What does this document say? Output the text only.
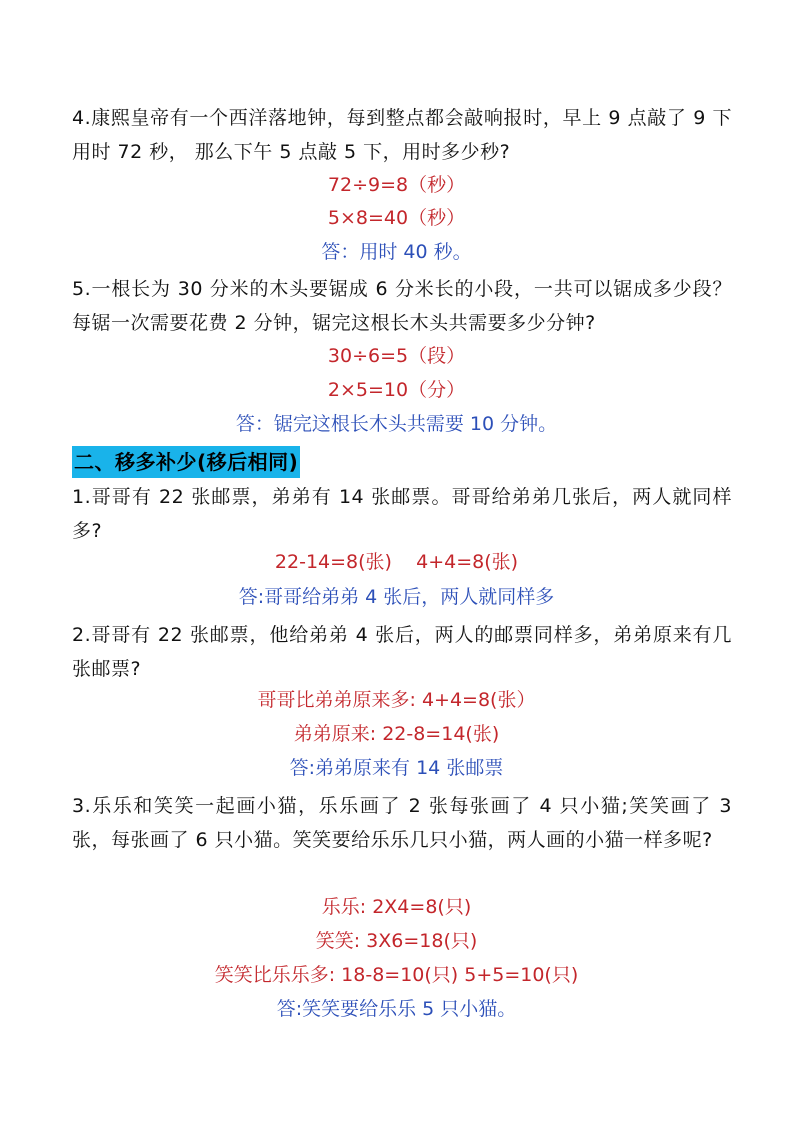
4.康熙皇帝有一个西洋落地钟，每到整点都会敲响报时，早上 9 点敲了 9 下用时 72 秒， 那么下午 5 点敲 5 下，用时多少秒?
72÷9=8（秒）
5×8=40（秒）
答：用时 40 秒。
5.一根长为 30 分米的木头要锯成 6 分米长的小段，一共可以锯成多少段？每锯一次需要花费 2 分钟，锯完这根长木头共需要多少分钟?
30÷6=5（段）
2×5=10（分）
答：锯完这根长木头共需要 10 分钟。
二、移多补少(移后相同)
1.哥哥有 22 张邮票，弟弟有 14 张邮票。哥哥给弟弟几张后，两人就同样多?
22-14=8(张)    4+4=8(张)
答:哥哥给弟弟 4 张后，两人就同样多
2.哥哥有 22 张邮票，他给弟弟 4 张后，两人的邮票同样多，弟弟原来有几张邮票?
哥哥比弟弟原来多: 4+4=8(张）
弟弟原来: 22-8=14(张)
答:弟弟原来有 14 张邮票
3.乐乐和笑笑一起画小猫，乐乐画了 2 张每张画了 4 只小猫;笑笑画了 3 张，每张画了 6 只小猫。笑笑要给乐乐几只小猫，两人画的小猫一样多呢?
乐乐: 2X4=8(只)
笑笑: 3X6=18(只)
笑笑比乐乐多: 18-8=10(只) 5+5=10(只)
答:笑笑要给乐乐 5 只小猫。
